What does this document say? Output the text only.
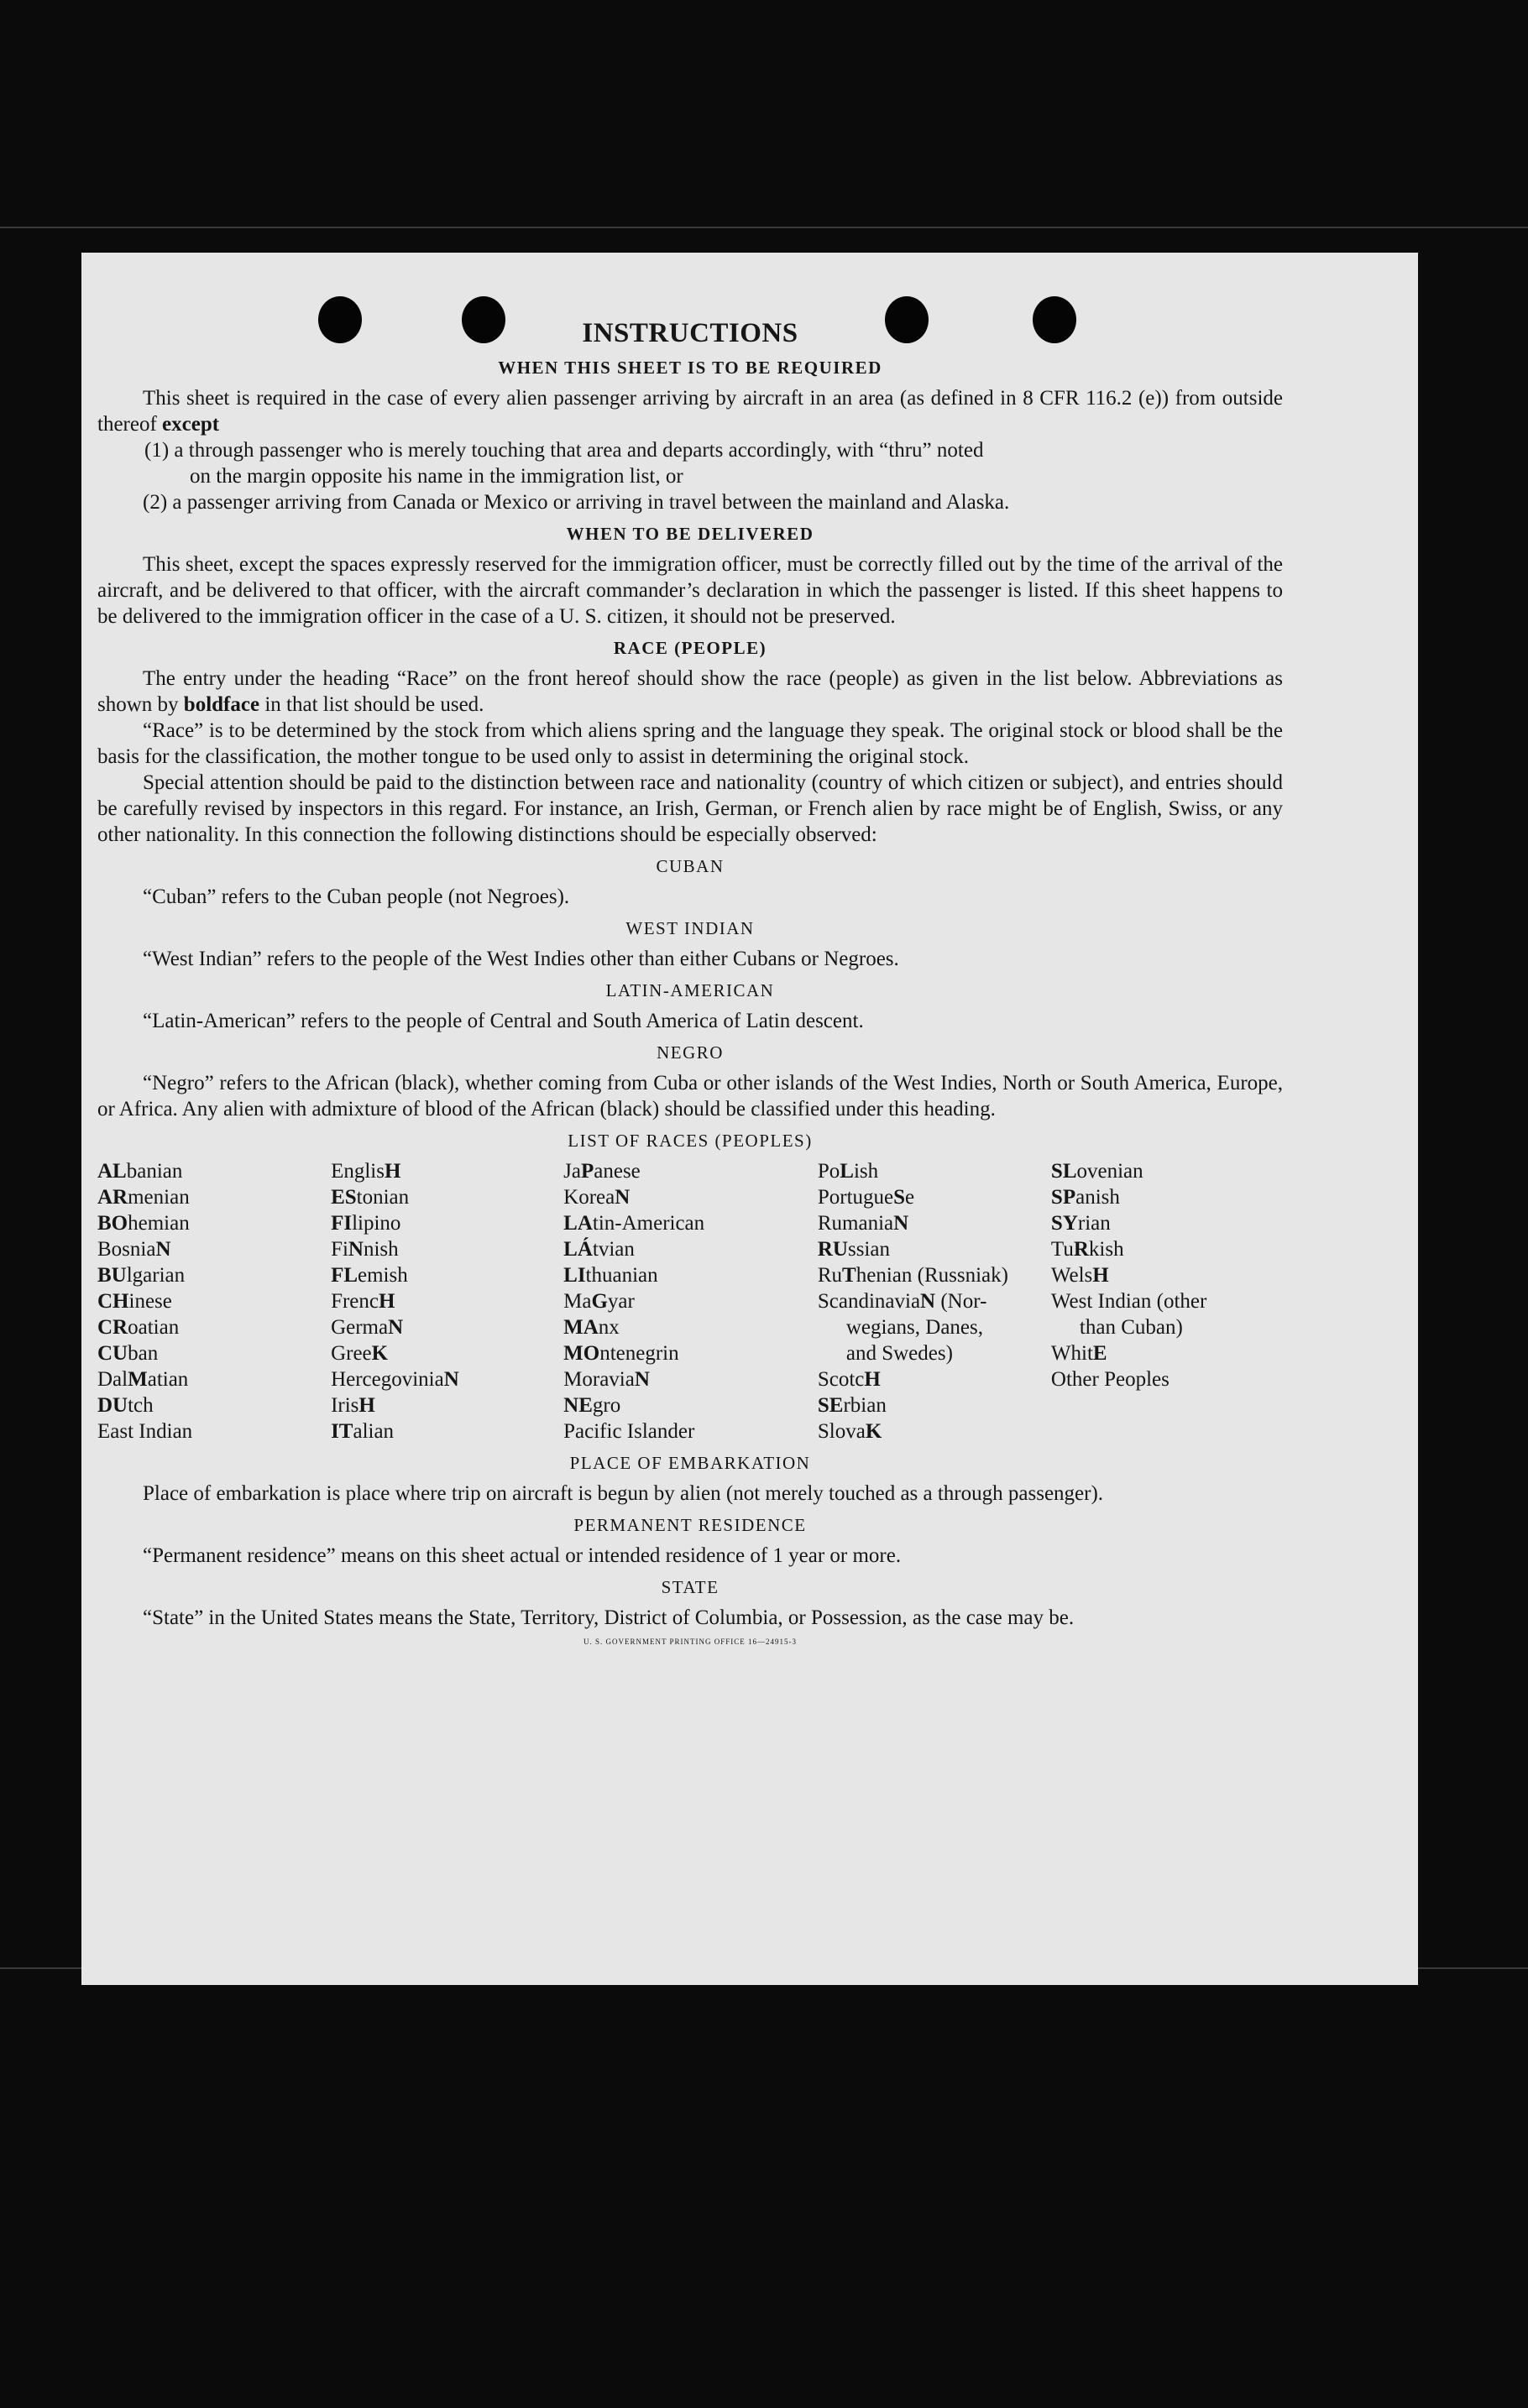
INSTRUCTIONS
WHEN THIS SHEET IS TO BE REQUIRED

This sheet is required in the case of every alien passenger arriving by aircraft in an area (as defined in 8 CFR 116.2 (e)) from outside thereof except

(1) a through passenger who is merely touching that area and departs accordingly, with “thru” noted
on the margin opposite his name in the immigration list, or

(2) a passenger arriving from Canada or Mexico or arriving in travel between the mainland and Alaska.

WHEN TO BE DELIVERED

This sheet, except the spaces expressly reserved for the immigration officer, must be correctly filled out by the time of the arrival of the aircraft, and be delivered to that officer, with the aircraft commander’s declaration in which the passenger is listed. If this sheet happens to be delivered to the immigration officer in the case of a U. S. citizen, it should not be preserved.

RACE (PEOPLE)

The entry under the heading “Race” on the front hereof should show the race (people) as given in the list below. Abbreviations as shown by boldface in that list should be used.

“Race” is to be determined by the stock from which aliens spring and the language they speak. The original stock or blood shall be the basis for the classification, the mother tongue to be used only to assist in determining the original stock.

Special attention should be paid to the distinction between race and nationality (country of which citizen or subject), and entries should be carefully revised by inspectors in this regard. For instance, an Irish, German, or French alien by race might be of English, Swiss, or any other nationality. In this connection the following distinctions should be especially observed:

CUBAN

“Cuban” refers to the Cuban people (not Negroes).

WEST INDIAN

“West Indian” refers to the people of the West Indies other than either Cubans or Negroes.

LATIN-AMERICAN

“Latin-American” refers to the people of Central and South America of Latin descent.

NEGRO

“Negro” refers to the African (black), whether coming from Cuba or other islands of the West Indies, North or South America, Europe, or Africa. Any alien with admixture of blood of the African (black) should be classified under this heading.

LIST OF RACES (PEOPLES)
ALbanian
ARmenian
BOhemian
BosniaN
BUlgarian
CHinese
CRoatian
CUban
DalMatian
DUtch
East Indian
EnglisH
EStonian
FIlipino
FiNnish
FLemish
FrencH
GermaN
GreeK
HercegoviniaN
IrisH
ITalian
JaPanese
KoreaN
LAtin-American
LÁtvian
LIthuanian
MaGyar
MAnx
MOntenegrin
MoraviaN
NEgro
Pacific Islander
PoLish
PortugueSe
RumaniaN
RUssian
RuThenian (Russniak)
ScandinaviaN (Nor-
wegians, Danes,
and Swedes)
ScotcH
SErbian
SlovaK
SLovenian
SPanish
SYrian
TuRkish
WelsH
West Indian (other
than Cuban)
WhitE
Other Peoples
PLACE OF EMBARKATION

Place of embarkation is place where trip on aircraft is begun by alien (not merely touched as a through passenger).

PERMANENT RESIDENCE

“Permanent residence” means on this sheet actual or intended residence of 1 year or more.

STATE

“State” in the United States means the State, Territory, District of Columbia, or Possession, as the case may be.

U. S. GOVERNMENT PRINTING OFFICE 16—24915-3
